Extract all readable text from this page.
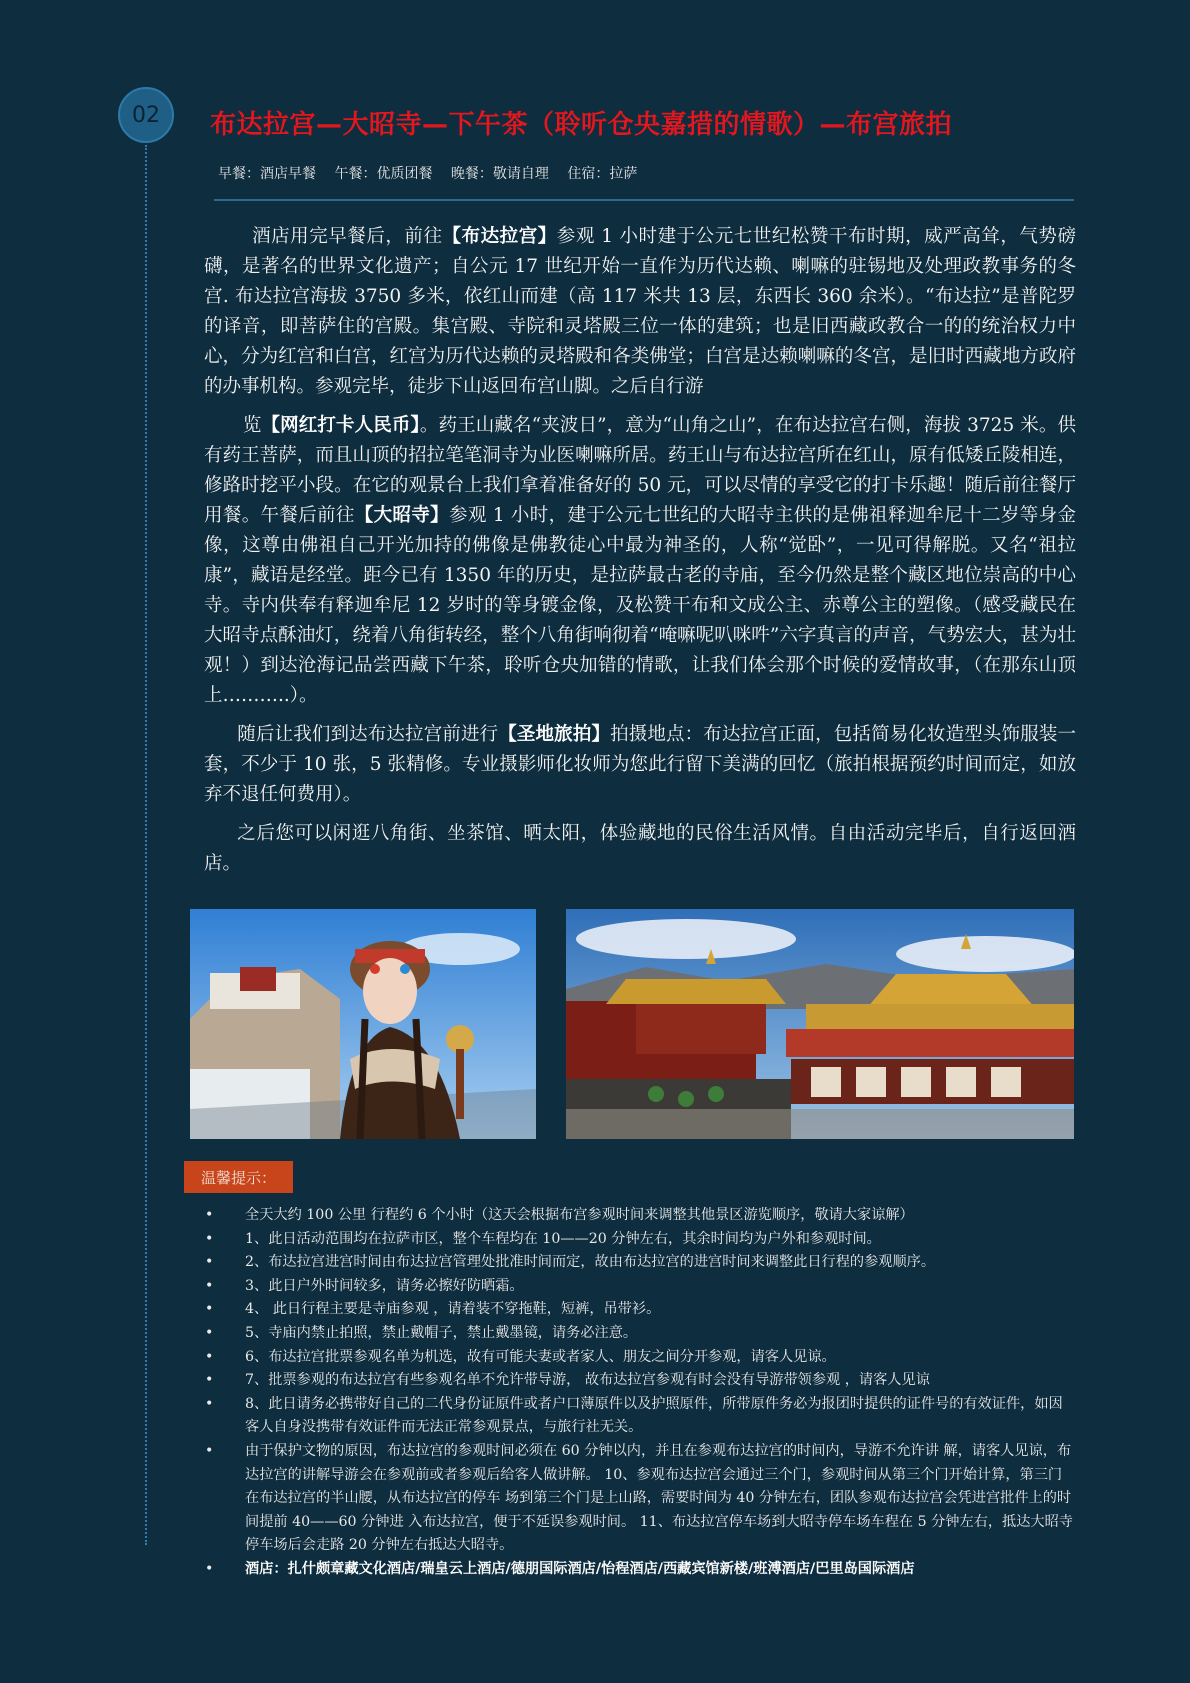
02 布达拉宫—大昭寺—下午茶（聆听仓央嘉措的情歌）—布宫旅拍
早餐：酒店早餐 午餐：优质团餐 晚餐：敬请自理 住宿：拉萨

酒店用完早餐后，前往【布达拉宫】参观 1 小时建于公元七世纪松赞干布时期，威严高耸，气势磅礴，是著名的世界文化遗产；自公元 17 世纪开始一直作为历代达赖、喇嘛的驻锡地及处理政教事务的冬宫. 布达拉宫海拔 3750 多米，依红山而建（高 117 米共 13 层，东西长 360 余米）。“布达拉”是普陀罗的译音，即菩萨住的宫殿。集宫殿、寺院和灵塔殿三位一体的建筑；也是旧西藏政教合一的的统治权力中心，分为红宫和白宫，红宫为历代达赖的灵塔殿和各类佛堂；白宫是达赖喇嘛的冬宫，是旧时西藏地方政府的办事机构。参观完毕，徒步下山返回布宫山脚。之后自行游

览【网红打卡人民币】。药王山藏名“夹波日”，意为“山角之山”，在布达拉宫右侧，海拔 3725 米。供有药王菩萨，而且山顶的招拉笔笔洞寺为业医喇嘛所居。药王山与布达拉宫所在红山，原有低矮丘陵相连，修路时挖平小段。在它的观景台上我们拿着准备好的 50 元，可以尽情的享受它的打卡乐趣！随后前往餐厅用餐。午餐后前往【大昭寺】参观 1 小时，建于公元七世纪的大昭寺主供的是佛祖释迦牟尼十二岁等身金像，这尊由佛祖自己开光加持的佛像是佛教徒心中最为神圣的，人称“觉卧”，一见可得解脱。又名“祖拉康”，藏语是经堂。距今已有 1350 年的历史，是拉萨最古老的寺庙，至今仍然是整个藏区地位崇高的中心寺。寺内供奉有释迦牟尼 12 岁时的等身镀金像，及松赞干布和文成公主、赤尊公主的塑像。（感受藏民在大昭寺点酥油灯，绕着八角街转经，整个八角街响彻着“唵嘛呢叭咪吽”六字真言的声音，气势宏大，甚为壮观！）到达沧海记品尝西藏下午茶，聆听仓央加错的情歌，让我们体会那个时候的爱情故事，（在那东山顶上………..）。

随后让我们到达布达拉宫前进行【圣地旅拍】拍摄地点：布达拉宫正面，包括简易化妆造型头饰服装一套，不少于 10 张，5 张精修。专业摄影师化妆师为您此行留下美满的回忆（旅拍根据预约时间而定，如放弃不退任何费用）。

之后您可以闲逛八角街、坐茶馆、晒太阳，体验藏地的民俗生活风情。自由活动完毕后，自行返回酒店。

温馨提示：
•	全天大约 100 公里 行程约 6 个小时（这天会根据布宫参观时间来调整其他景区游览顺序，敬请大家谅解）
•	1、此日活动范围均在拉萨市区，整个车程均在 10——20 分钟左右，其余时间均为户外和参观时间。
•	2、布达拉宫进宫时间由布达拉宫管理处批准时间而定，故由布达拉宫的进宫时间来调整此日行程的参观顺序。
•	3、此日户外时间较多，请务必擦好防晒霜。
•	4、 此日行程主要是寺庙参观 ，请着装不穿拖鞋，短裤，吊带衫。
•	5、寺庙内禁止拍照，禁止戴帽子，禁止戴墨镜，请务必注意。
•	6、布达拉宫批票参观名单为机选，故有可能夫妻或者家人、朋友之间分开参观，请客人见谅。
•	7、批票参观的布达拉宫有些参观名单不允许带导游， 故布达拉宫参观有时会没有导游带领参观 ，请客人见谅
•	8、此日请务必携带好自己的二代身份证原件或者户口薄原件以及护照原件，所带原件务必为报团时提供的证件号的有效证件，如因客人自身没携带有效证件而无法正常参观景点，与旅行社无关。
•	由于保护文物的原因，布达拉宫的参观时间必须在 60 分钟以内，并且在参观布达拉宫的时间内，导游不允许讲 解，请客人见谅，布达拉宫的讲解导游会在参观前或者参观后给客人做讲解。 10、参观布达拉宫会通过三个门，参观时间从第三个门开始计算，第三门在布达拉宫的半山腰，从布达拉宫的停车 场到第三个门是上山路，需要时间为 40 分钟左右，团队参观布达拉宫会凭进宫批件上的时间提前 40——60 分钟进 入布达拉宫，便于不延误参观时间。 11、布达拉宫停车场到大昭寺停车场车程在 5 分钟左右，抵达大昭寺停车场后会走路 20 分钟左右抵达大昭寺。
•	酒店：扎什颇章藏文化酒店/瑞皇云上酒店/德朋国际酒店/怡程酒店/西藏宾馆新楼/班溥酒店/巴里岛国际酒店
